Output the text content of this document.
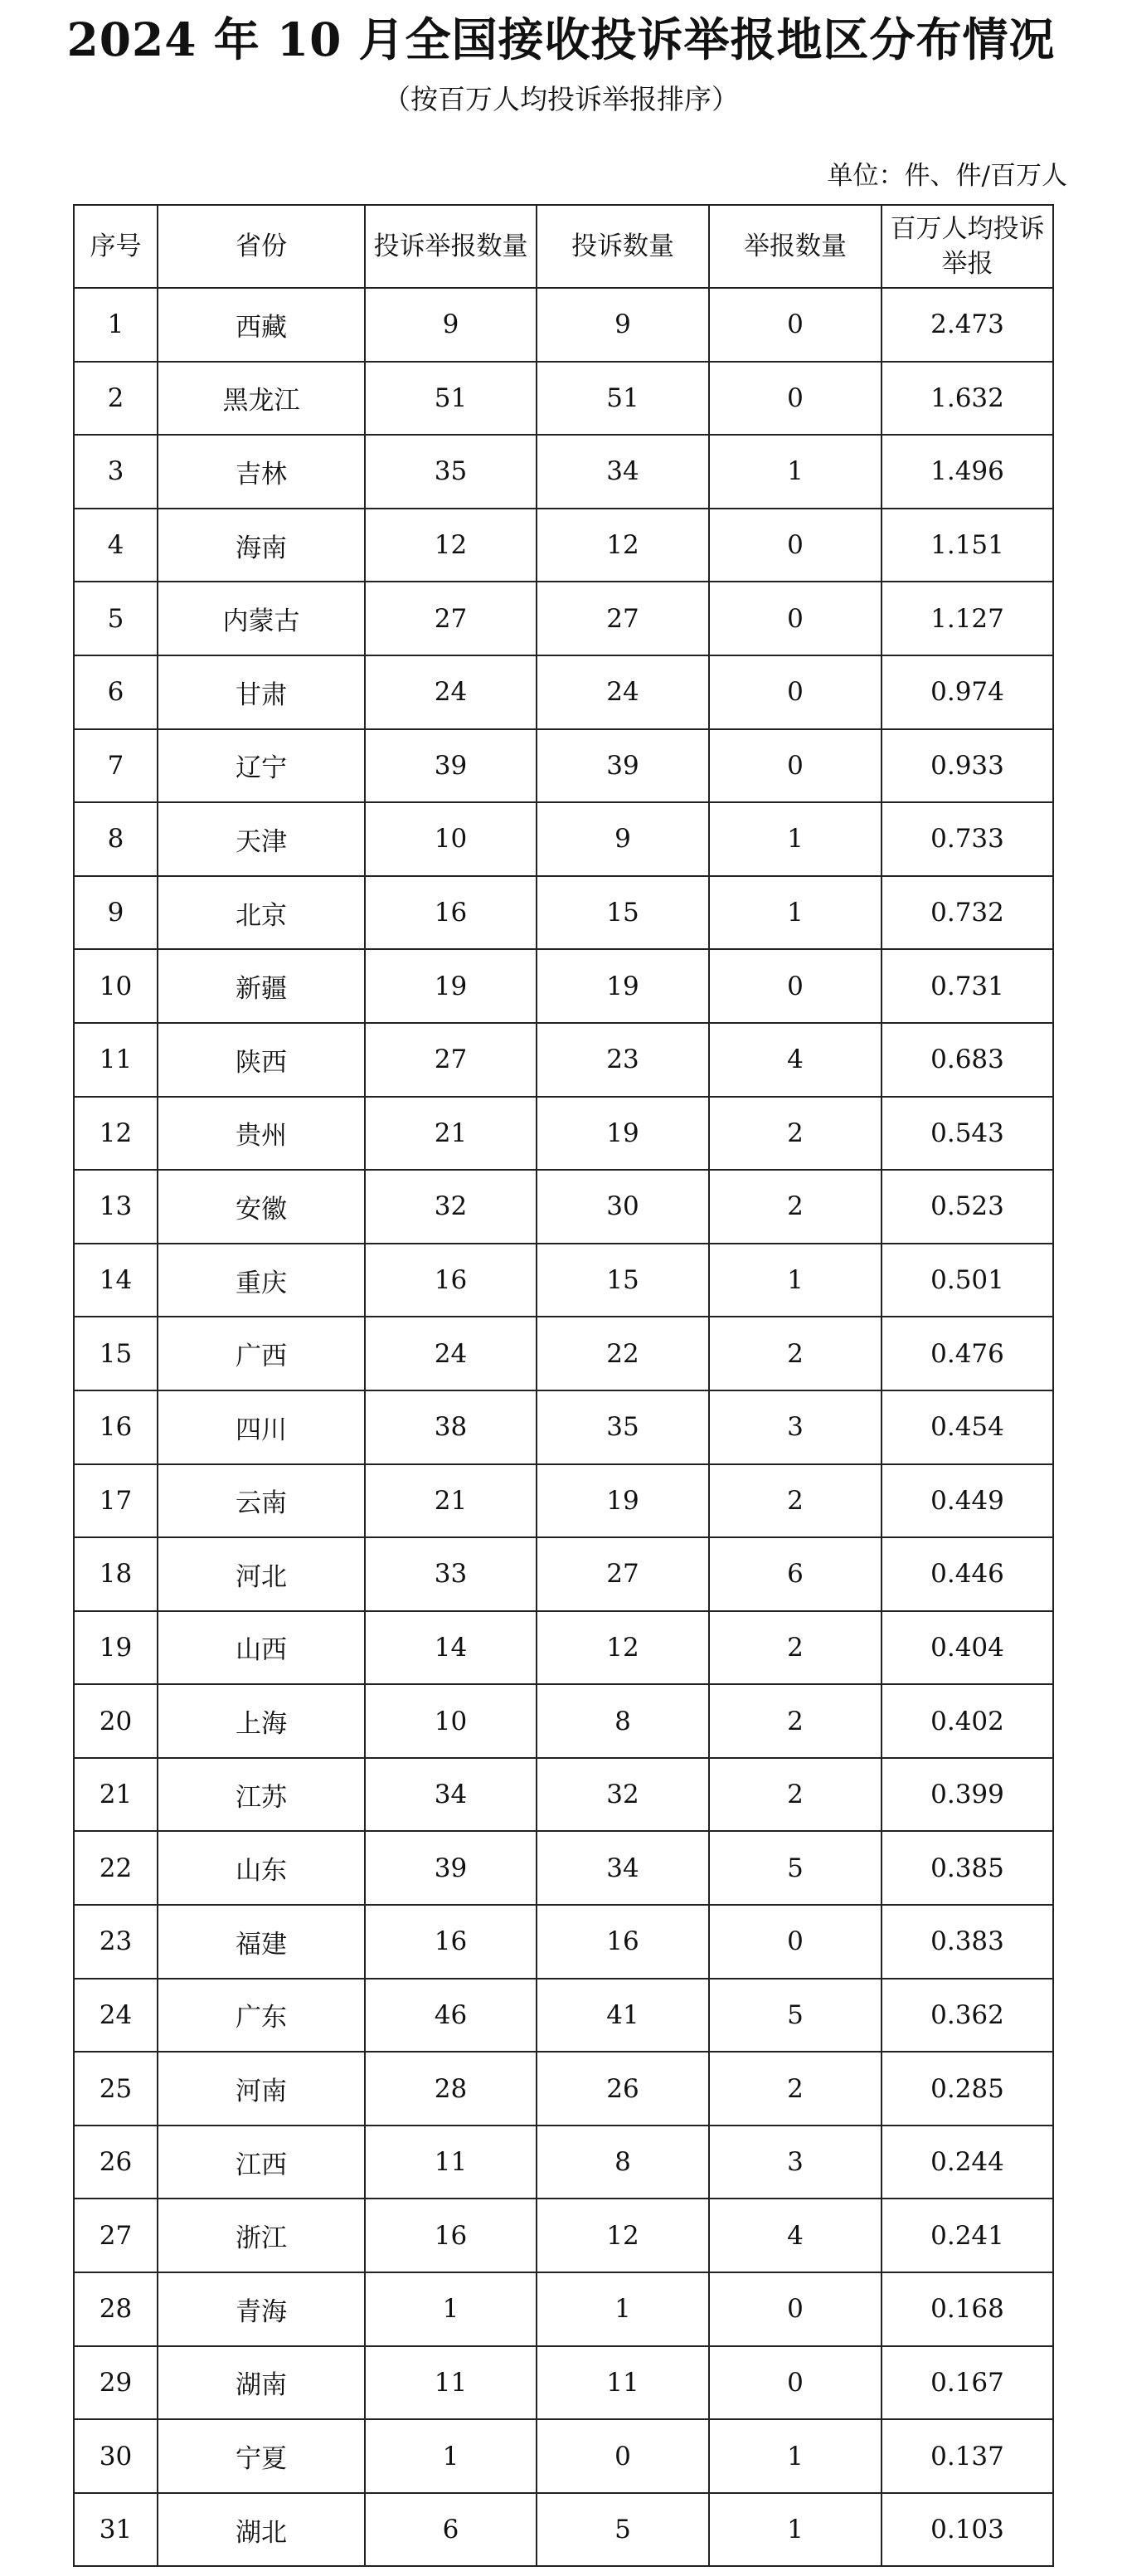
2024 年 10 月全国接收投诉举报地区分布情况
（按百万人均投诉举报排序）
单位：件、件/百万人
序号	省份	投诉举报数量	投诉数量	举报数量	百万人均投诉举报
1	西藏	9	9	0	2.473
2	黑龙江	51	51	0	1.632
3	吉林	35	34	1	1.496
4	海南	12	12	0	1.151
5	内蒙古	27	27	0	1.127
6	甘肃	24	24	0	0.974
7	辽宁	39	39	0	0.933
8	天津	10	9	1	0.733
9	北京	16	15	1	0.732
10	新疆	19	19	0	0.731
11	陕西	27	23	4	0.683
12	贵州	21	19	2	0.543
13	安徽	32	30	2	0.523
14	重庆	16	15	1	0.501
15	广西	24	22	2	0.476
16	四川	38	35	3	0.454
17	云南	21	19	2	0.449
18	河北	33	27	6	0.446
19	山西	14	12	2	0.404
20	上海	10	8	2	0.402
21	江苏	34	32	2	0.399
22	山东	39	34	5	0.385
23	福建	16	16	0	0.383
24	广东	46	41	5	0.362
25	河南	28	26	2	0.285
26	江西	11	8	3	0.244
27	浙江	16	12	4	0.241
28	青海	1	1	0	0.168
29	湖南	11	11	0	0.167
30	宁夏	1	0	1	0.137
31	湖北	6	5	1	0.103
